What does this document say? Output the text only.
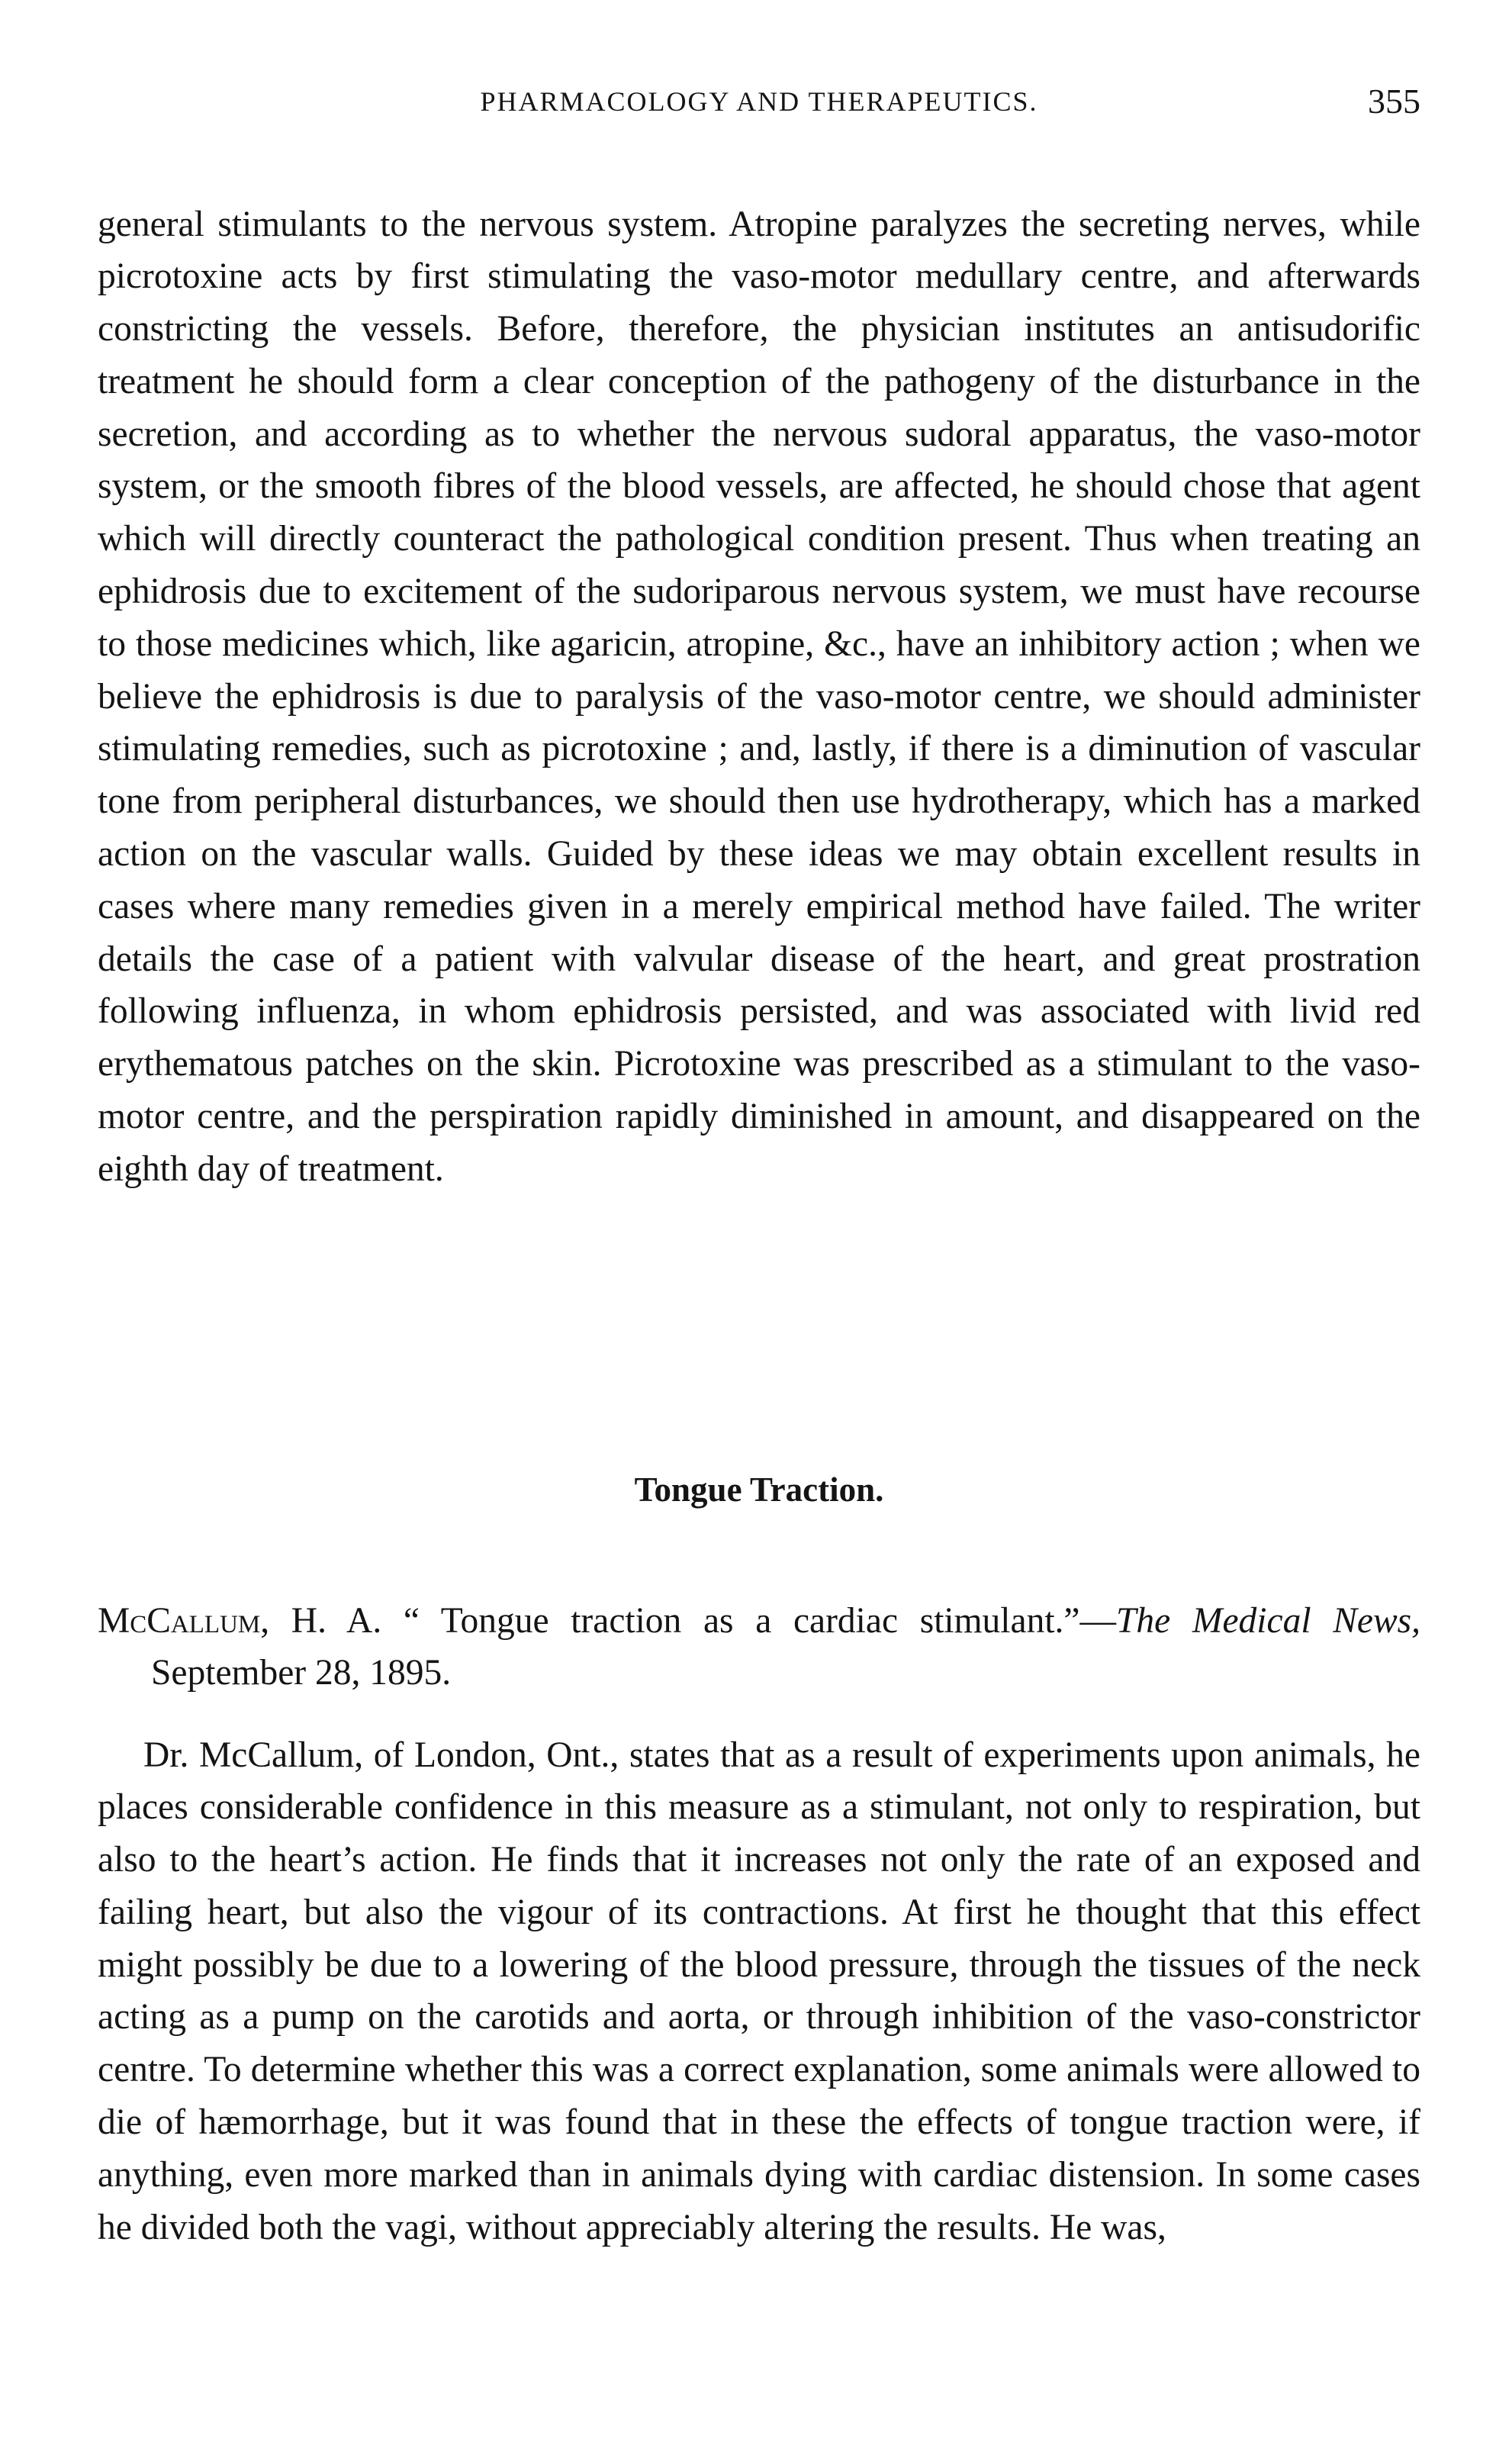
PHARMACOLOGY AND THERAPEUTICS.	355

general stimulants to the nervous system. Atropine paralyzes the secreting nerves, while picrotoxine acts by first stimulating the vaso-motor medullary centre, and afterwards constricting the vessels. Before, therefore, the physician institutes an antisudorific treatment he should form a clear conception of the pathogeny of the disturbance in the secretion, and according as to whether the nervous sudoral apparatus, the vaso-motor system, or the smooth fibres of the blood vessels, are affected, he should chose that agent which will directly counteract the pathological condition present. Thus when treating an ephidrosis due to excitement of the sudoriparous nervous system, we must have recourse to those medicines which, like agaricin, atropine, &c., have an inhibitory action ; when we believe the ephidrosis is due to paralysis of the vaso-motor centre, we should administer stimulating remedies, such as picrotoxine ; and, lastly, if there is a diminution of vascular tone from peripheral disturbances, we should then use hydrotherapy, which has a marked action on the vascular walls. Guided by these ideas we may obtain excellent results in cases where many remedies given in a merely empirical method have failed. The writer details the case of a patient with valvular disease of the heart, and great prostration following influenza, in whom ephidrosis persisted, and was associated with livid red erythematous patches on the skin. Picrotoxine was prescribed as a stimulant to the vaso-motor centre, and the perspiration rapidly diminished in amount, and disappeared on the eighth day of treatment.

Tongue Traction.

McCallum, H. A. “ Tongue traction as a cardiac stimulant.”—The Medical News, September 28, 1895.

Dr. McCallum, of London, Ont., states that as a result of experiments upon animals, he places considerable confidence in this measure as a stimulant, not only to respiration, but also to the heart’s action. He finds that it increases not only the rate of an exposed and failing heart, but also the vigour of its contractions. At first he thought that this effect might possibly be due to a lowering of the blood pressure, through the tissues of the neck acting as a pump on the carotids and aorta, or through inhibition of the vaso-constrictor centre. To determine whether this was a correct explanation, some animals were allowed to die of hæmorrhage, but it was found that in these the effects of tongue traction were, if anything, even more marked than in animals dying with cardiac distension. In some cases he divided both the vagi, without appreciably altering the results. He was,
